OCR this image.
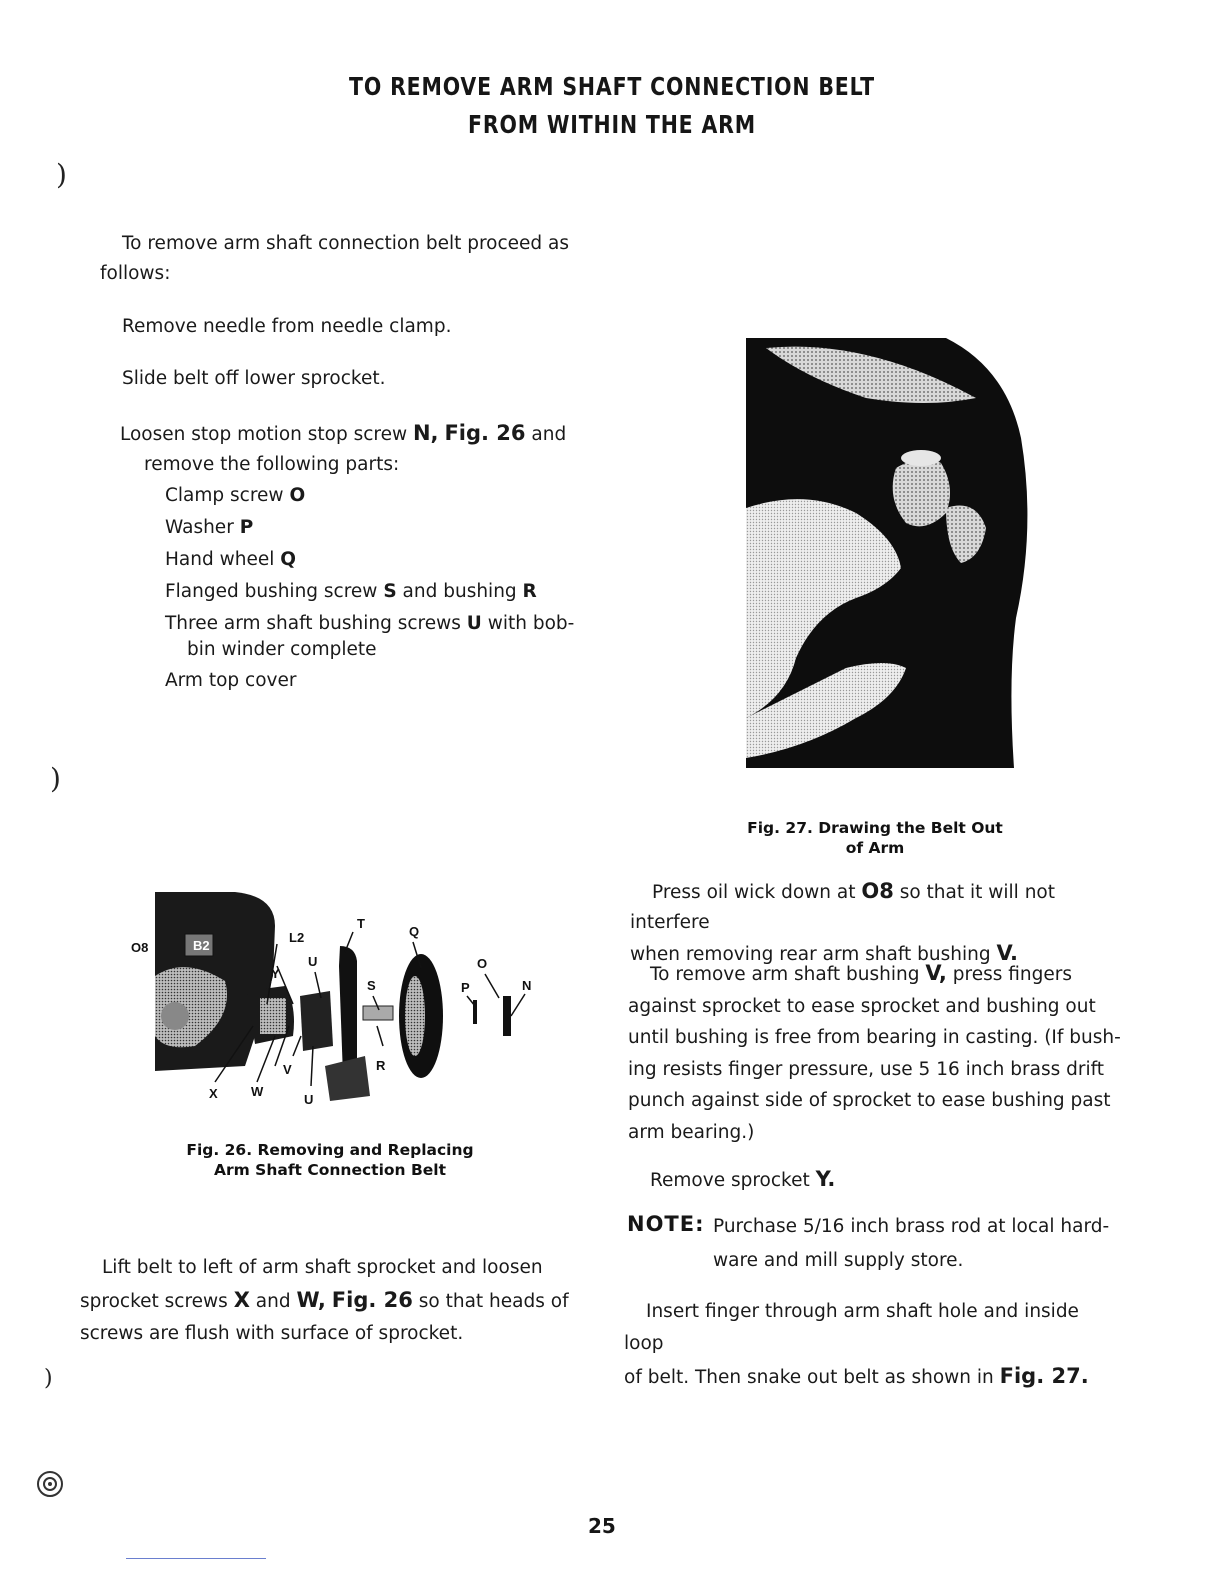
TO REMOVE ARM SHAFT CONNECTION BELT
FROM WITHIN THE ARM
)
)
)
To remove arm shaft connection belt proceed as
follows:
Remove needle from needle clamp.
Slide belt off lower sprocket.
Loosen stop motion stop screw N, Fig. 26 and
remove the following parts:
Clamp screw O
Washer P
Hand wheel Q
Flanged bushing screw S and bushing R
Three arm shaft bushing screws U with bob-
bin winder complete
Arm top cover
Fig. 27. Drawing the Belt Out
of Arm
O8	B2
L2
T
Q
Y
U
S
O
P	N
R
V
X	W
U
Fig. 26. Removing and Replacing
Arm Shaft Connection Belt
Lift belt to left of arm shaft sprocket and loosen
sprocket screws X and W, Fig. 26 so that heads of
screws are flush with surface of sprocket.
Press oil wick down at O8 so that it will not interfere
when removing rear arm shaft bushing V.
To remove arm shaft bushing V, press fingers
against sprocket to ease sprocket and bushing out
until bushing is free from bearing in casting. (If bush-
ing resists finger pressure, use 5 16 inch brass drift
punch against side of sprocket to ease bushing past
arm bearing.)
Remove sprocket Y.
NOTE: Purchase 5/16 inch brass rod at local hard-
ware and mill supply store.
Insert finger through arm shaft hole and inside loop
of belt. Then snake out belt as shown in Fig. 27.
25
